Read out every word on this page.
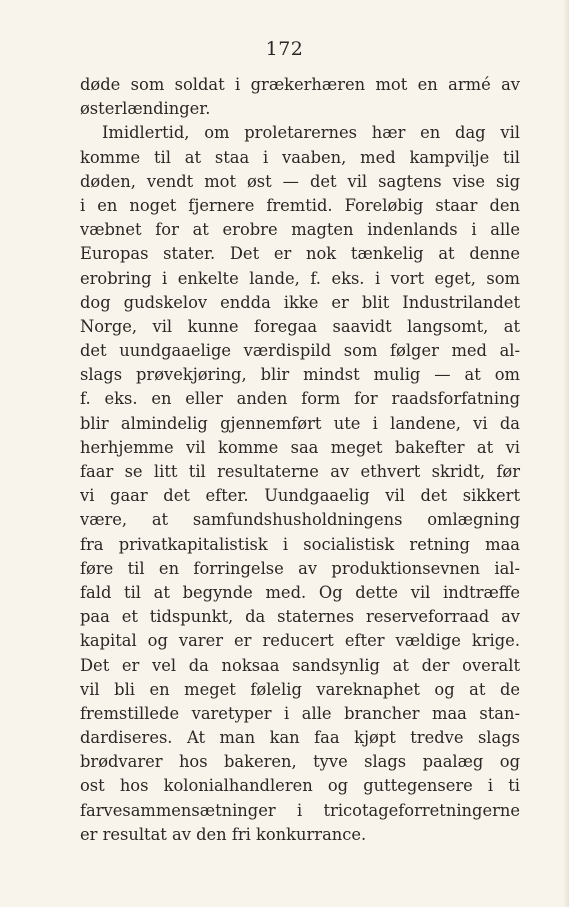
172
døde som soldat i grækerhæren mot en armé av
østerlændinger.
Imidlertid, om proletarernes hær en dag vil
komme til at staa i vaaben, med kampvilje til
døden, vendt mot øst — det vil sagtens vise sig
i en noget fjernere fremtid. Foreløbig staar den
væbnet for at erobre magten indenlands i alle
Europas stater. Det er nok tænkelig at denne
erobring i enkelte lande, f. eks. i vort eget, som
dog gudskelov endda ikke er blit Industrilandet
Norge, vil kunne foregaa saavidt langsomt, at
det uundgaaelige værdispild som følger med al-
slags prøvekjøring, blir mindst mulig — at om
f. eks. en eller anden form for raadsforfatning
blir almindelig gjennemført ute i landene, vi da
herhjemme vil komme saa meget bakefter at vi
faar se litt til resultaterne av ethvert skridt, før
vi gaar det efter. Uundgaaelig vil det sikkert
være, at samfundshusholdningens omlægning
fra privatkapitalistisk i socialistisk retning maa
føre til en forringelse av produktionsevnen ial-
fald til at begynde med. Og dette vil indtræffe
paa et tidspunkt, da staternes reserveforraad av
kapital og varer er reducert efter vældige krige.
Det er vel da noksaa sandsynlig at der overalt
vil bli en meget følelig vareknaphet og at de
fremstillede varetyper i alle brancher maa stan-
dardiseres. At man kan faa kjøpt tredve slags
brødvarer hos bakeren, tyve slags paalæg og
ost hos kolonialhandleren og guttegensere i ti
farvesammensætninger i tricotageforretningerne
er resultat av den fri konkurrance.
